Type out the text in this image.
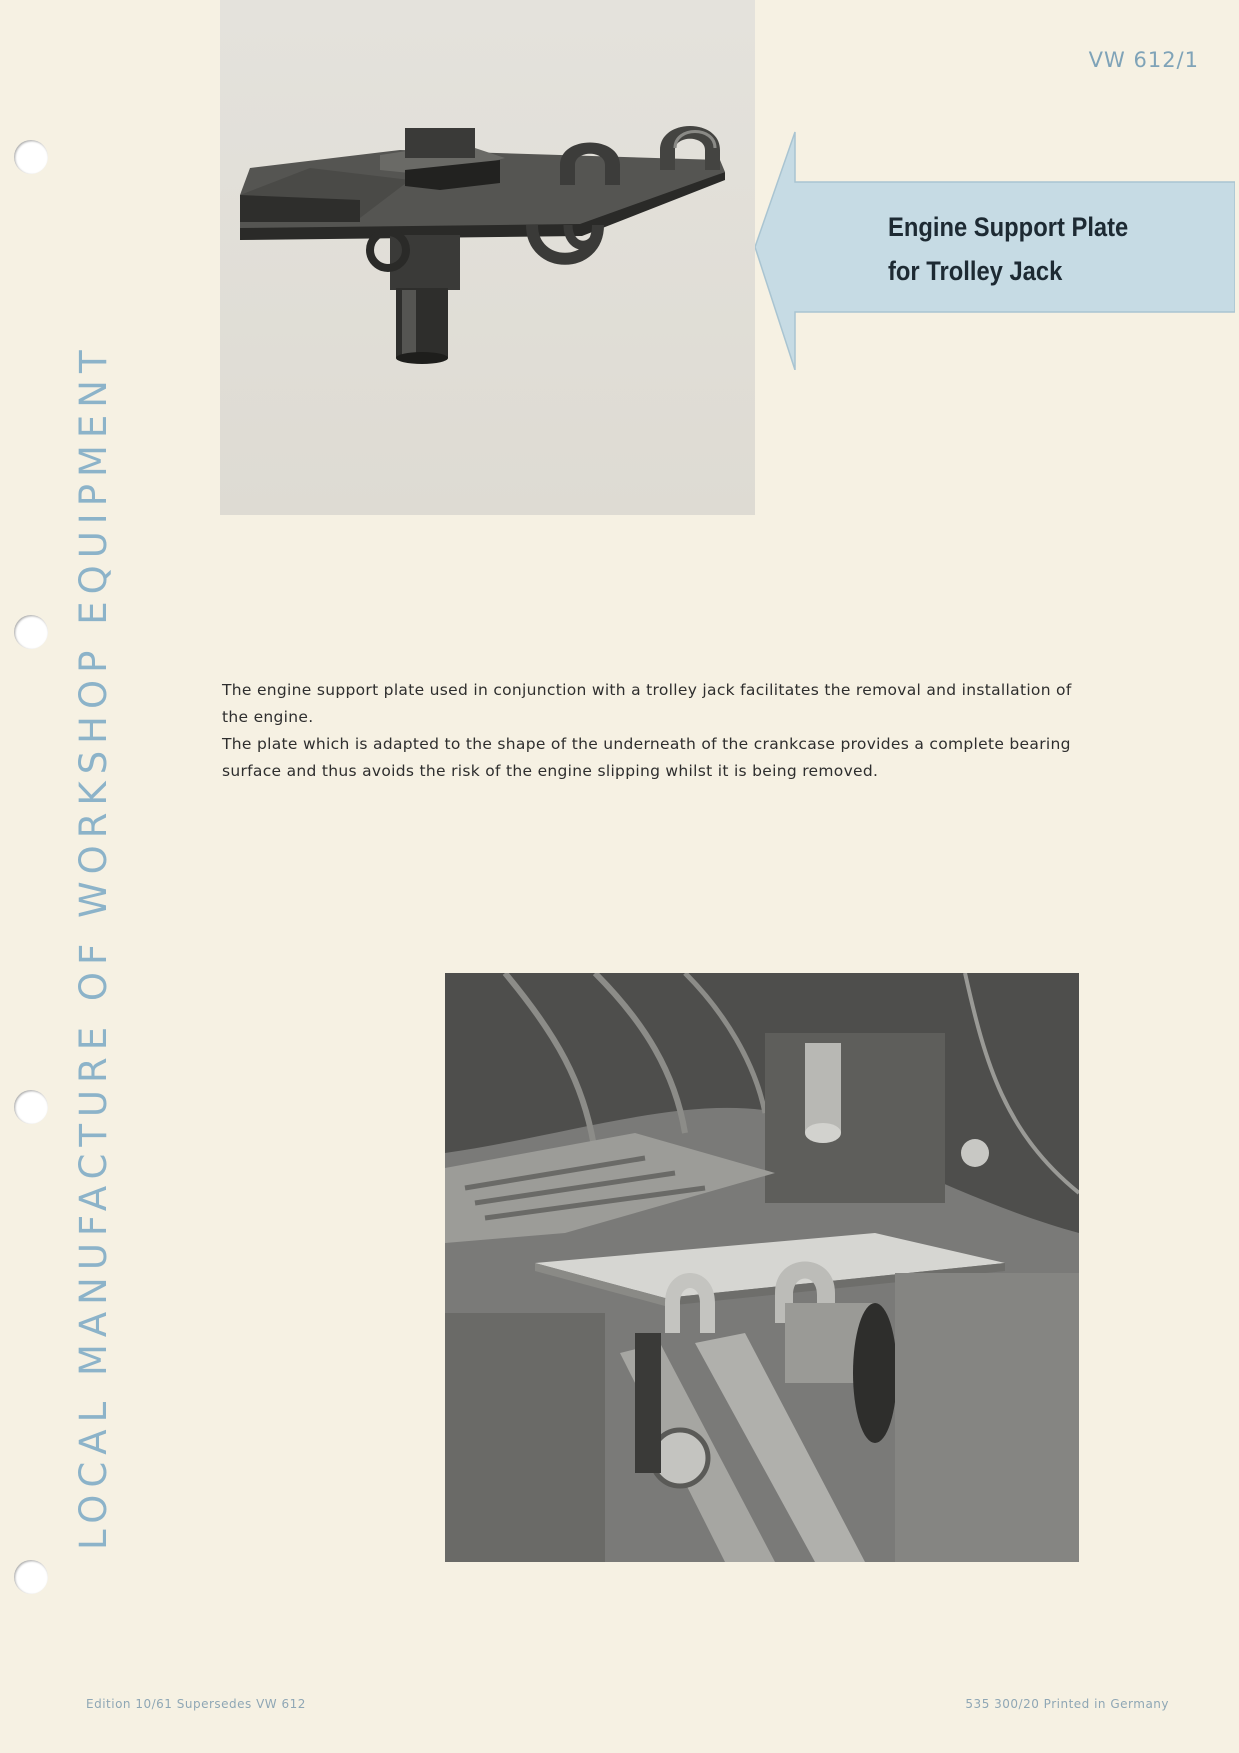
VW 612/1
LOCAL MANUFACTURE OF WORKSHOP EQUIPMENT
Engine Support Plate
for Trolley Jack

The engine support plate used in conjunction with a trolley jack facilitates the removal and installation of the engine.

The plate which is adapted to the shape of the underneath of the crankcase provides a complete bearing surface and thus avoids the risk of the engine slipping whilst it is being removed.

Edition 10/61 Supersedes VW 612	535 300/20 Printed in Germany
